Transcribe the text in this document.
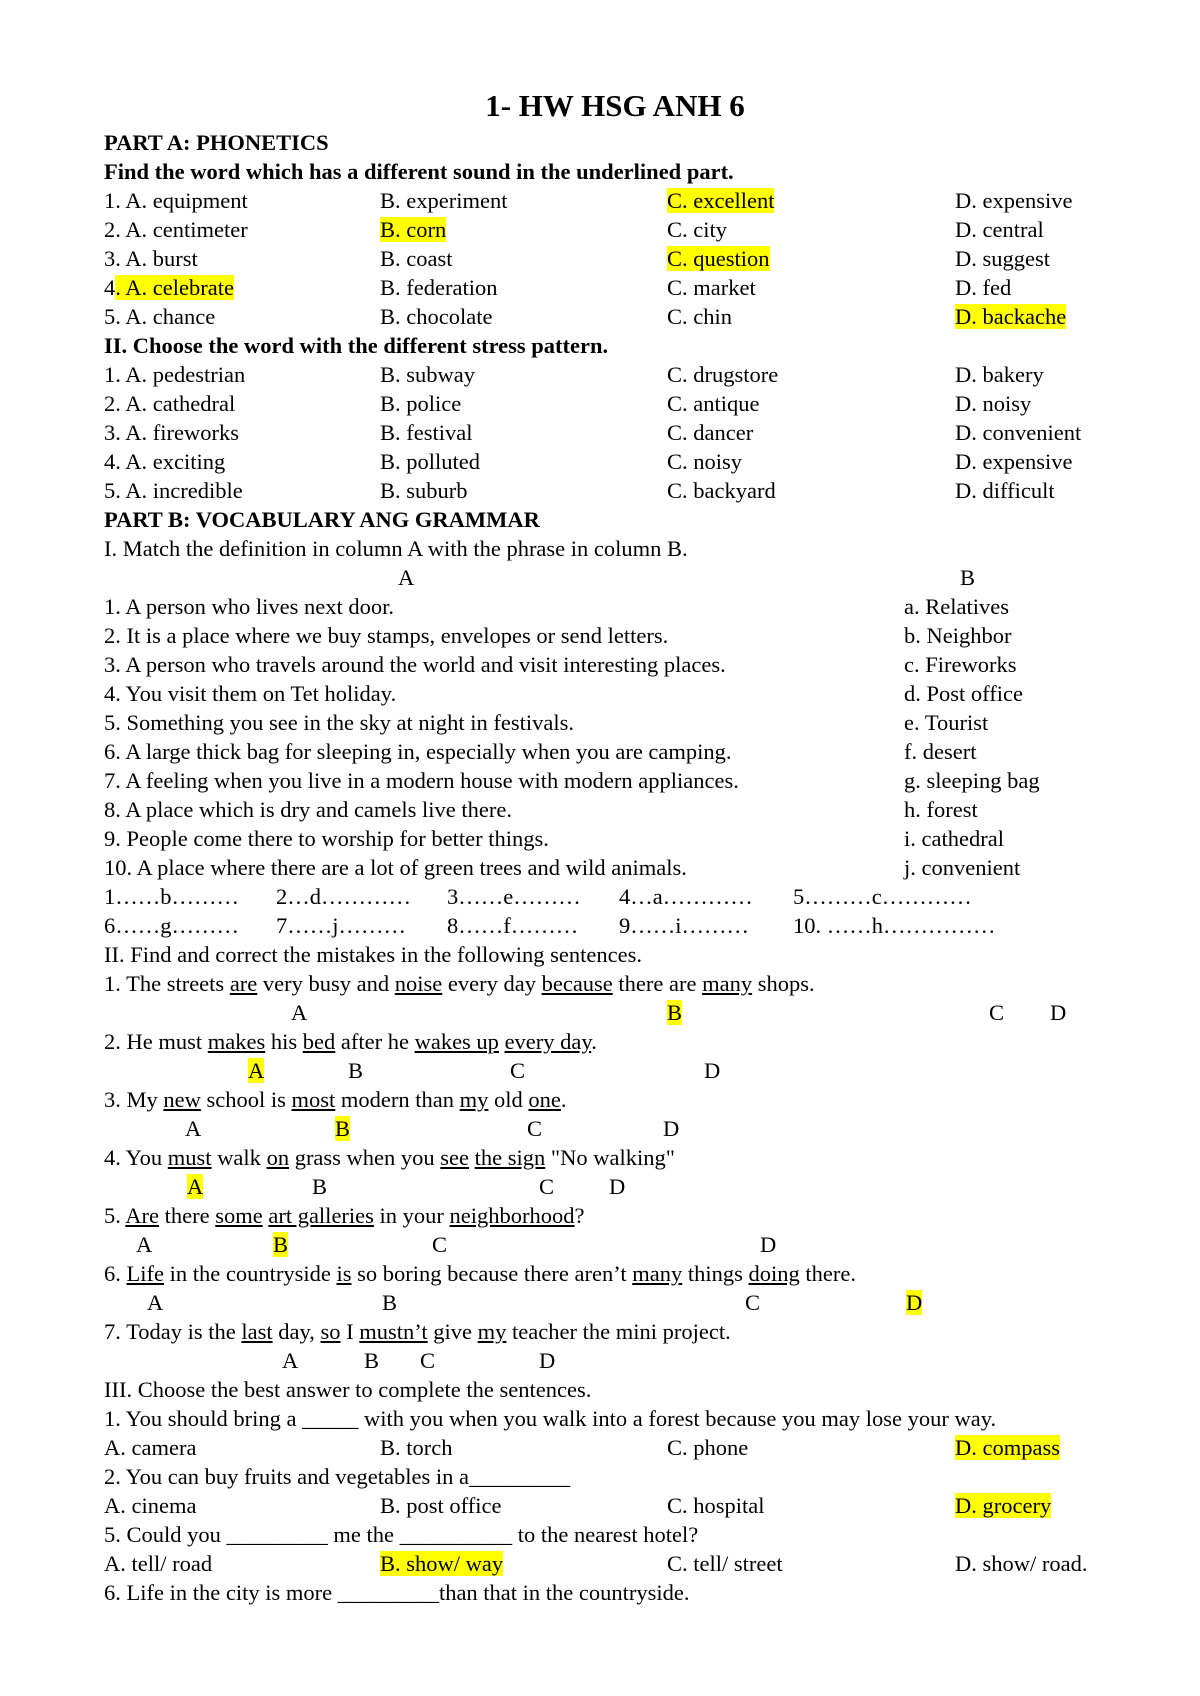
1- HW HSG ANH 6
PART A: PHONETICS
Find the word which has a different sound in the underlined part.
1. A. equipment	B. experiment	C. excellent	D. expensive
2. A. centimeter	B. corn	C. city	D. central
3. A. burst	B. coast	C. question	D. suggest
4. A. celebrate	B. federation	C. market	D. fed
5. A. chance	B. chocolate	C. chin	D. backache
II. Choose the word with the different stress pattern.
1. A. pedestrian	B. subway	C. drugstore	D. bakery
2. A. cathedral	B. police	C. antique	D. noisy
3. A. fireworks	B. festival	C. dancer	D. convenient
4. A. exciting	B. polluted	C. noisy	D. expensive
5. A. incredible	B. suburb	C. backyard	D. difficult
PART B: VOCABULARY ANG GRAMMAR
I. Match the definition in column A with the phrase in column B.
A	B
1. A person who lives next door.	a. Relatives
2. It is a place where we buy stamps, envelopes or send letters.	b. Neighbor
3. A person who travels around the world and visit interesting places.	c. Fireworks
4. You visit them on Tet holiday.	d. Post office
5. Something you see in the sky at night in festivals.	e. Tourist
6. A large thick bag for sleeping in, especially when you are camping.	f. desert
7. A feeling when you live in a modern house with modern appliances.	g. sleeping bag
8. A place which is dry and camels live there.	h. forest
9. People come there to worship for better things.	i. cathedral
10. A place where there are a lot of green trees and wild animals.	j. convenient
1……b……… 2…d………… 3……e……… 4…a………… 5………c…………
6……g……… 7……j……… 8……f……… 9……i……… 10. ……h……………
II. Find and correct the mistakes in the following sentences.
1. The streets are very busy and noise every day because there are many shops.
A	B	C D
2. He must makes his bed after he wakes up every day.
A	B	C	D
3. My new school is most modern than my old one.
A	B	C	D
4. You must walk on grass when you see the sign "No walking"
A	B	C D
5. Are there some art galleries in your neighborhood?
A	B	C	D
6. Life in the countryside is so boring because there aren’t many things doing there.
A	B	C	D
7. Today is the last day, so I mustn’t give my teacher the mini project.
A	B C	D
III. Choose the best answer to complete the sentences.
1. You should bring a _____ with you when you walk into a forest because you may lose your way.
A. camera	B. torch	C. phone	D. compass
2. You can buy fruits and vegetables in a_________
A. cinema	B. post office	C. hospital	D. grocery
5. Could you _________ me the __________ to the nearest hotel?
A. tell/ road	B. show/ way	C. tell/ street	D. show/ road.
6. Life in the city is more _________than that in the countryside.
